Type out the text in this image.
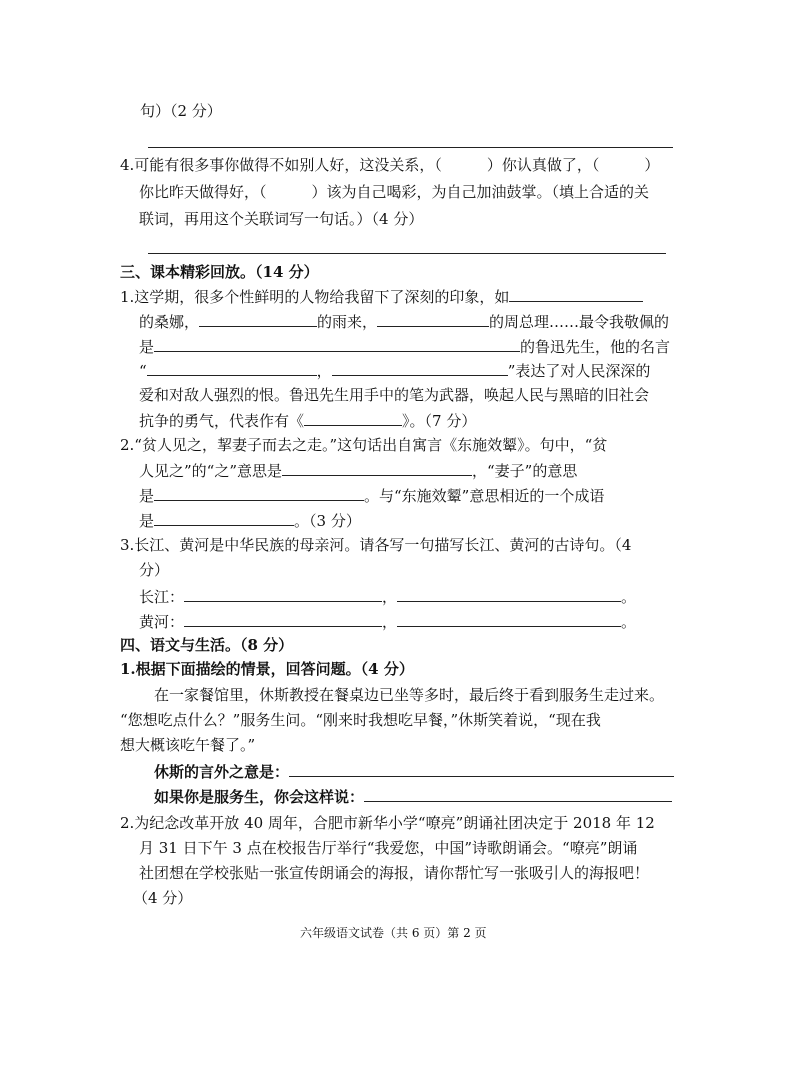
句）（2 分）
4.可能有很多事你做得不如别人好，这没关系，（　　　）你认真做了，（　　　）
你比昨天做得好，（　　　）该为自己喝彩，为自己加油鼓掌。（填上合适的关
联词，再用这个关联词写一句话。）（4 分）
三、课本精彩回放。（14 分）
1.这学期，很多个性鲜明的人物给我留下了深刻的印象，如
的桑娜，	的雨来，	的周总理……最令我敬佩的
是	的鲁迅先生，他的名言
“	，	”表达了对人民深深的
爱和对敌人强烈的恨。鲁迅先生用手中的笔为武器，唤起人民与黑暗的旧社会
抗争的勇气，代表作有《	》。（7 分）
2.“贫人见之，挈妻子而去之走。”这句话出自寓言《东施效颦》。句中，“贫
人见之”的“之”意思是	，“妻子”的意思
是	。与“东施效颦”意思相近的一个成语
是	。（3 分）
3.长江、黄河是中华民族的母亲河。请各写一句描写长江、黄河的古诗句。（4
分）
长江：	，	。
黄河：	，	。
四、语文与生活。（8 分）
1.根据下面描绘的情景，回答问题。（4 分）
在一家餐馆里，休斯教授在餐桌边已坐等多时，最后终于看到服务生走过来。
“您想吃点什么？”服务生问。“刚来时我想吃早餐，”休斯笑着说，“现在我
想大概该吃午餐了。”
休斯的言外之意是：
如果你是服务生，你会这样说：
2.为纪念改革开放 40 周年，合肥市新华小学“嘹亮”朗诵社团决定于 2018 年 12
月 31 日下午 3 点在校报告厅举行“我爱您，中国”诗歌朗诵会。“嘹亮”朗诵
社团想在学校张贴一张宣传朗诵会的海报，请你帮忙写一张吸引人的海报吧！
（4 分）
六年级语文试卷（共 6 页）第 2 页
